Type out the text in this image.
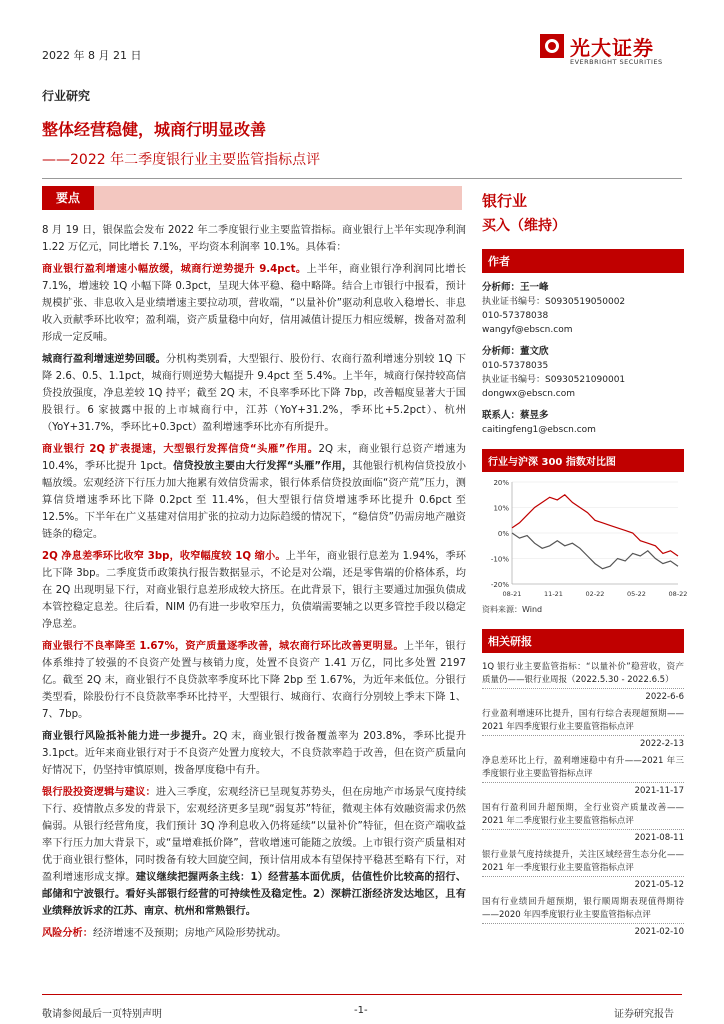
2022 年 8 月 21 日	光大证券
EVERBRIGHT SECURITIES
行业研究
整体经营稳健，城商行明显改善
——2022 年二季度银行业主要监管指标点评
要点

8 月 19 日，银保监会发布 2022 年二季度银行业主要监管指标。商业银行上半年实现净利润 1.22 万亿元，同比增长 7.1%，平均资本利润率 10.1%。具体看：

商业银行盈利增速小幅放缓，城商行逆势提升 9.4pct。上半年，商业银行净利润同比增长 7.1%，增速较 1Q 小幅下降 0.3pct，呈现大体平稳、稳中略降。结合上市银行中报看，预计规模扩张、非息收入是业绩增速主要拉动项，营收端，“以量补价”驱动利息收入稳增长、非息收入贡献季环比收窄；盈利端，资产质量稳中向好，信用减值计提压力相应缓解，拨备对盈利形成一定反哺。

城商行盈利增速逆势回暖。分机构类别看，大型银行、股份行、农商行盈利增速分别较 1Q 下降 2.6、0.5、1.1pct，城商行则逆势大幅提升 9.4pct 至 5.4%。上半年，城商行保持较高信贷投放强度，净息差较 1Q 持平；截至 2Q 末，不良率季环比下降 7bp，改善幅度显著大于国股银行。6 家披露中报的上市城商行中，江苏（YoY+31.2%，季环比+5.2pct）、杭州（YoY+31.7%，季环比+0.3pct）盈利增速季环比亦有所提升。

商业银行 2Q 扩表提速，大型银行发挥信贷“头雁”作用。2Q 末，商业银行总资产增速为 10.4%，季环比提升 1pct。信贷投放主要由大行发挥“头雁”作用，其他银行机构信贷投放小幅放缓。宏观经济下行压力加大拖累有效信贷需求，银行体系信贷投放面临“资产荒”压力，测算信贷增速季环比下降 0.2pct 至 11.4%，但大型银行信贷增速季环比提升 0.6pct 至 12.5%。下半年在广义基建对信用扩张的拉动力边际趋缓的情况下，“稳信贷”仍需房地产融资链条的稳定。

2Q 净息差季环比收窄 3bp，收窄幅度较 1Q 缩小。上半年，商业银行息差为 1.94%，季环比下降 3bp。二季度货币政策执行报告数据显示，不论是对公端，还是零售端的价格体系，均在 2Q 出现明显下行，对商业银行息差形成较大挤压。在此背景下，银行主要通过加强负债成本管控稳定息差。往后看，NIM 仍有进一步收窄压力，负债端需要辅之以更多管控手段以稳定净息差。

商业银行不良率降至 1.67%，资产质量逐季改善，城农商行环比改善更明显。上半年，银行体系维持了较强的不良资产处置与核销力度，处置不良资产 1.41 万亿，同比多处置 2197 亿。截至 2Q 末，商业银行不良贷款率季度环比下降 2bp 至 1.67%，为近年来低位。分银行类型看，除股份行不良贷款率季环比持平，大型银行、城商行、农商行分别较上季末下降 1、7、7bp。

商业银行风险抵补能力进一步提升。2Q 末，商业银行拨备覆盖率为 203.8%，季环比提升 3.1pct。近年来商业银行对于不良资产处置力度较大，不良贷款率趋于改善，但在资产质量向好情况下，仍坚持审慎原则，拨备厚度稳中有升。

银行股投资逻辑与建议：进入三季度，宏观经济已呈现复苏势头，但在房地产市场景气度持续下行、疫情散点多发的背景下，宏观经济更多呈现“弱复苏”特征，微观主体有效融资需求仍然偏弱。从银行经营角度，我们预计 3Q 净利息收入仍将延续“以量补价”特征，但在资产端收益率下行压力加大背景下，或“量增难抵价降”，营收增速可能随之放缓。上市银行资产质量相对优于商业银行整体，同时拨备有较大回旋空间，预计信用成本有望保持平稳甚至略有下行，对盈利增速形成支撑。建议继续把握两条主线：1）经营基本面优质，估值性价比较高的招行、邮储和宁波银行。看好头部银行经营的可持续性及稳定性。2）深耕江浙经济发达地区，且有业绩释放诉求的江苏、南京、杭州和常熟银行。

风险分析：经济增速不及预期；房地产风险形势扰动。

银行业
买入（维持）
作者
分析师：王一峰
执业证书编号：S0930519050002
010-57378038
wangyf@ebscn.com
分析师：董文欣
010-57378035
执业证书编号：S0930521090001
dongwx@ebscn.com
联系人：蔡昱多
caitingfeng1@ebscn.com
行业与沪深 300 指数对比图
20%
10%
0%
-10%
-20%
08-21	11-21	02-22	05-22	08-22
资料来源：Wind
相关研报
1Q 银行业主要监管指标：“以量补价”稳营收，资产质量仍——银行业周报（2022.5.30 - 2022.6.5）
2022-6-6
行业盈利增速环比提升，国有行综合表现超预期——2021 年四季度银行业主要监管指标点评
2022-2-13
净息差环比上行，盈利增速稳中有升——2021 年三季度银行业主要监管指标点评
2021-11-17
国有行盈利回升超预期，全行业资产质量改善——2021 年二季度银行业主要监管指标点评
2021-08-11
银行业景气度持续提升，关注区域经营生态分化——2021 年一季度银行业主要监管指标点评
2021-05-12
国有行业绩回升超预期，银行顺周期表现值得期待——2020 年四季度银行业主要监管指标点评
2021-02-10
敬请参阅最后一页特别声明	-1-	证券研究报告
